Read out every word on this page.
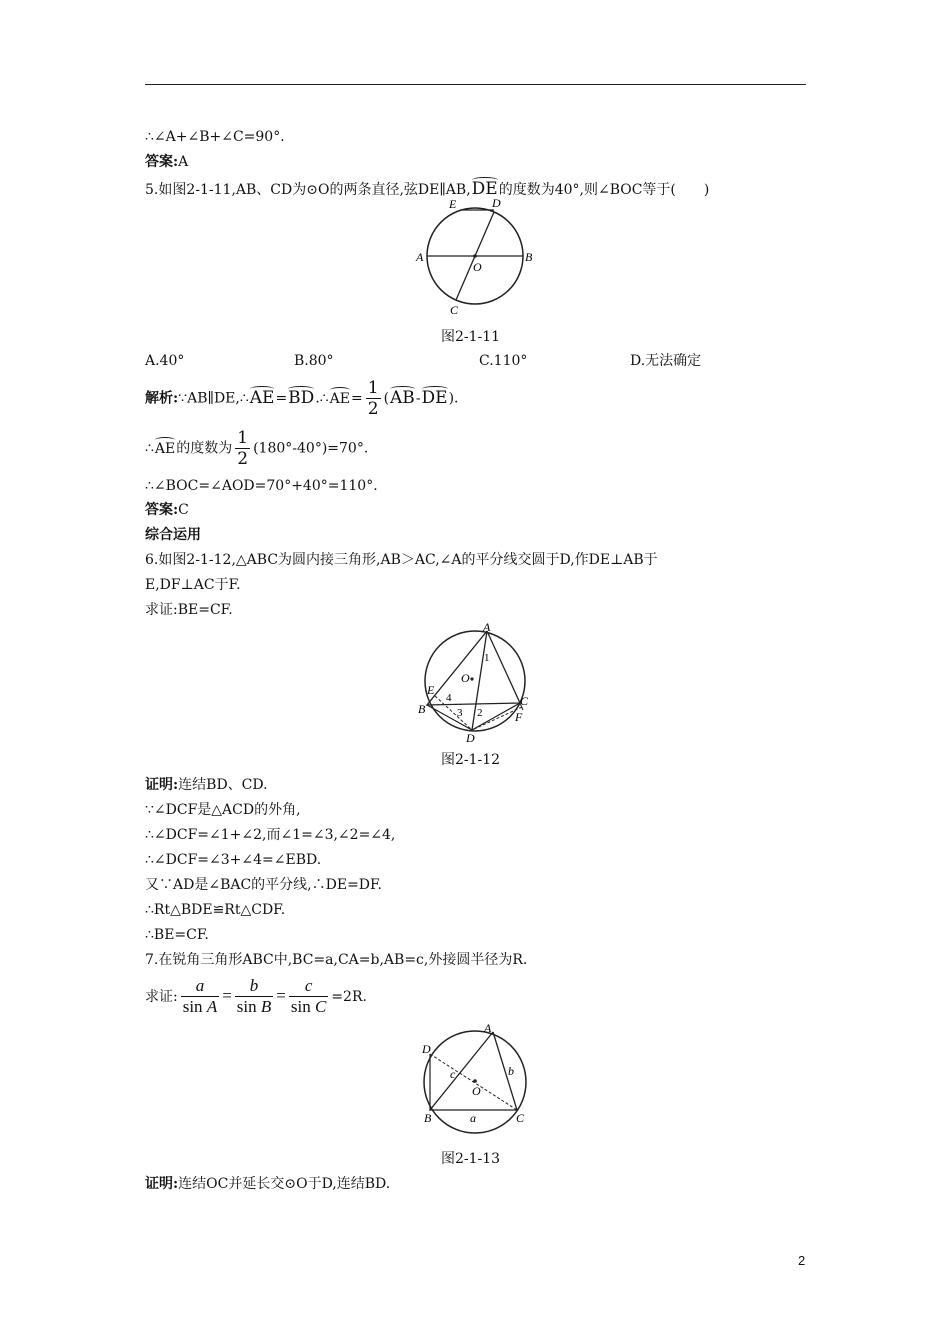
∴∠A+∠B+∠C=90°.
答案:A
5.如图2-1-11,AB、CD为⊙O的两条直径,弦DE∥AB,DE的度数为40°,则∠BOC等于(　　)
A	B
C
D
E
O
图2-1-11
A.40°	B.80°	C.110°	D.无法确定
解析:∵AB∥DE,∴AE=BD.∴AE= $\frac{1}{2} (AB-DE)$.
∴AE的度数为 $\frac{1}{2} (180^\circ-40^\circ)=70^\circ$.
∴∠BOC=∠AOD=70°+40°=110°.
答案:C
综合运用
6.如图2-1-12,△ABC为圆内接三角形,AB＞AC,∠A的平分线交圆于D,作DE⊥AB于
E,DF⊥AC于F.
求证:BE=CF.
A
B
C
D
E
F
O
1
2
3
4
图2-1-12
证明:连结BD、CD.
∵∠DCF是△ACD的外角,
∴∠DCF=∠1+∠2,而∠1=∠3,∠2=∠4,
∴∠DCF=∠3+∠4=∠EBD.
又∵AD是∠BAC的平分线,∴DE=DF.
∴Rt△BDE≌Rt△CDF.
∴BE=CF.
7.在锐角三角形ABC中,BC=a,CA=b,AB=c,外接圆半径为R.
求证: $\frac{a}{\text{sin A}} = \frac{b}{\text{sin B}} = \frac{c}{\text{sin C}} =2R$.
A
B	C
D
O
a
b
c
图2-1-13
证明:连结OC并延长交⊙O于D,连结BD.
2
